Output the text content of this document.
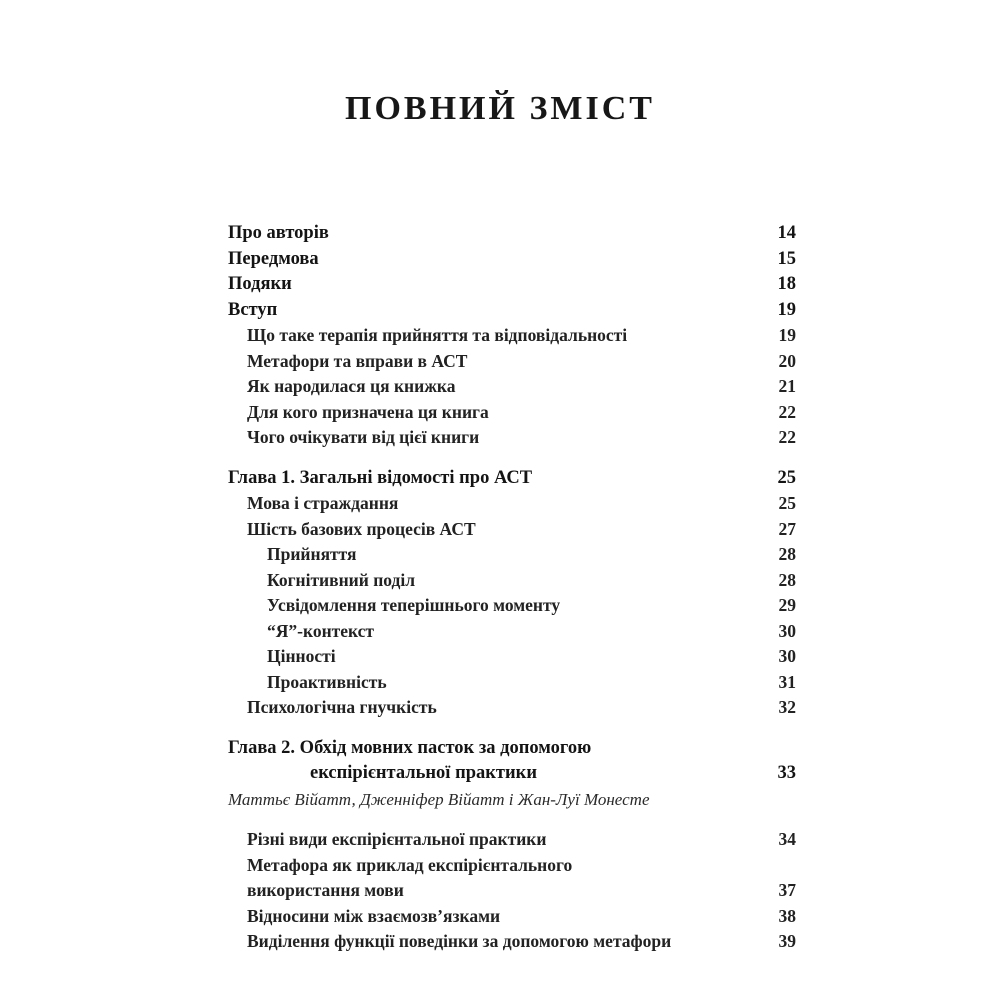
ПОВНИЙ ЗМІСТ
Про авторів	14
Передмова	15
Подяки	18
Вступ	19
Що таке терапія прийняття та відповідальності	19
Метафори та вправи в АСТ	20
Як народилася ця книжка	21
Для кого призначена ця книга	22
Чого очікувати від цієї книги	22
Глава 1. Загальні відомості про АСТ	25
Мова і страждання	25
Шість базових процесів АСТ	27
Прийняття	28
Когнітивний поділ	28
Усвідомлення теперішнього моменту	29
“Я”-контекст	30
Цінності	30
Проактивність	31
Психологічна гнучкість	32
Глава 2. Обхід мовних пасток за допомогою
експірієнтальної практики	33
Маттьє Війатт, Дженніфер Війатт і Жан-Луї Монесте
Різні види експірієнтальної практики	34
Метафора як приклад експірієнтального
використання мови	37
Відносини між взаємозв’язками	38
Виділення функції поведінки за допомогою метафори	39
